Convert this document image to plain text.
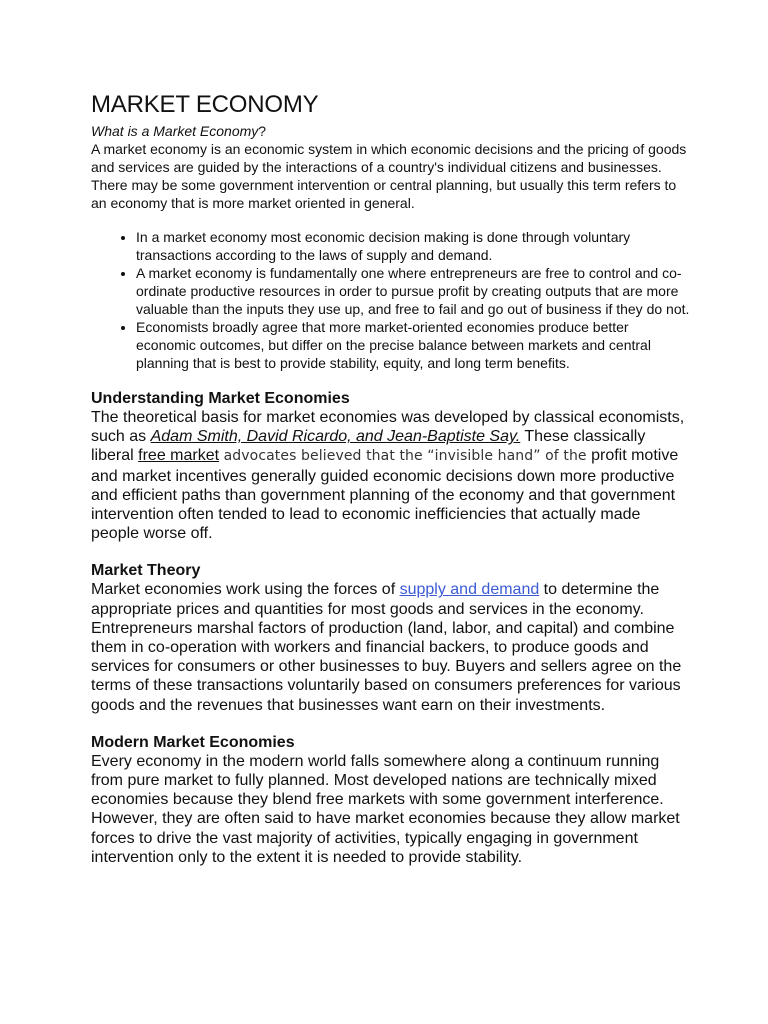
MARKET ECONOMY

What is a Market Economy?

A market economy is an economic system in which economic decisions and the pricing of goods and services are guided by the interactions of a country's individual citizens and businesses. There may be some government intervention or central planning, but usually this term refers to an economy that is more market oriented in general.

• In a market economy most economic decision making is done through voluntary transactions according to the laws of supply and demand.
• A market economy is fundamentally one where entrepreneurs are free to control and co-ordinate productive resources in order to pursue profit by creating outputs that are more valuable than the inputs they use up, and free to fail and go out of business if they do not.
• Economists broadly agree that more market-oriented economies produce better economic outcomes, but differ on the precise balance between markets and central planning that is best to provide stability, equity, and long term benefits.
Understanding Market Economies

The theoretical basis for market economies was developed by classical economists, such as Adam Smith, David Ricardo, and Jean-Baptiste Say. These classically liberal free market advocates believed that the “invisible hand” of the profit motive and market incentives generally guided economic decisions down more productive and efficient paths than government planning of the economy and that government intervention often tended to lead to economic inefficiencies that actually made people worse off.

Market Theory

Market economies work using the forces of supply and demand to determine the appropriate prices and quantities for most goods and services in the economy. Entrepreneurs marshal factors of production (land, labor, and capital) and combine them in co-operation with workers and financial backers, to produce goods and services for consumers or other businesses to buy. Buyers and sellers agree on the terms of these transactions voluntarily based on consumers preferences for various goods and the revenues that businesses want earn on their investments.

Modern Market Economies

Every economy in the modern world falls somewhere along a continuum running from pure market to fully planned. Most developed nations are technically mixed economies because they blend free markets with some government interference. However, they are often said to have market economies because they allow market forces to drive the vast majority of activities, typically engaging in government intervention only to the extent it is needed to provide stability.
